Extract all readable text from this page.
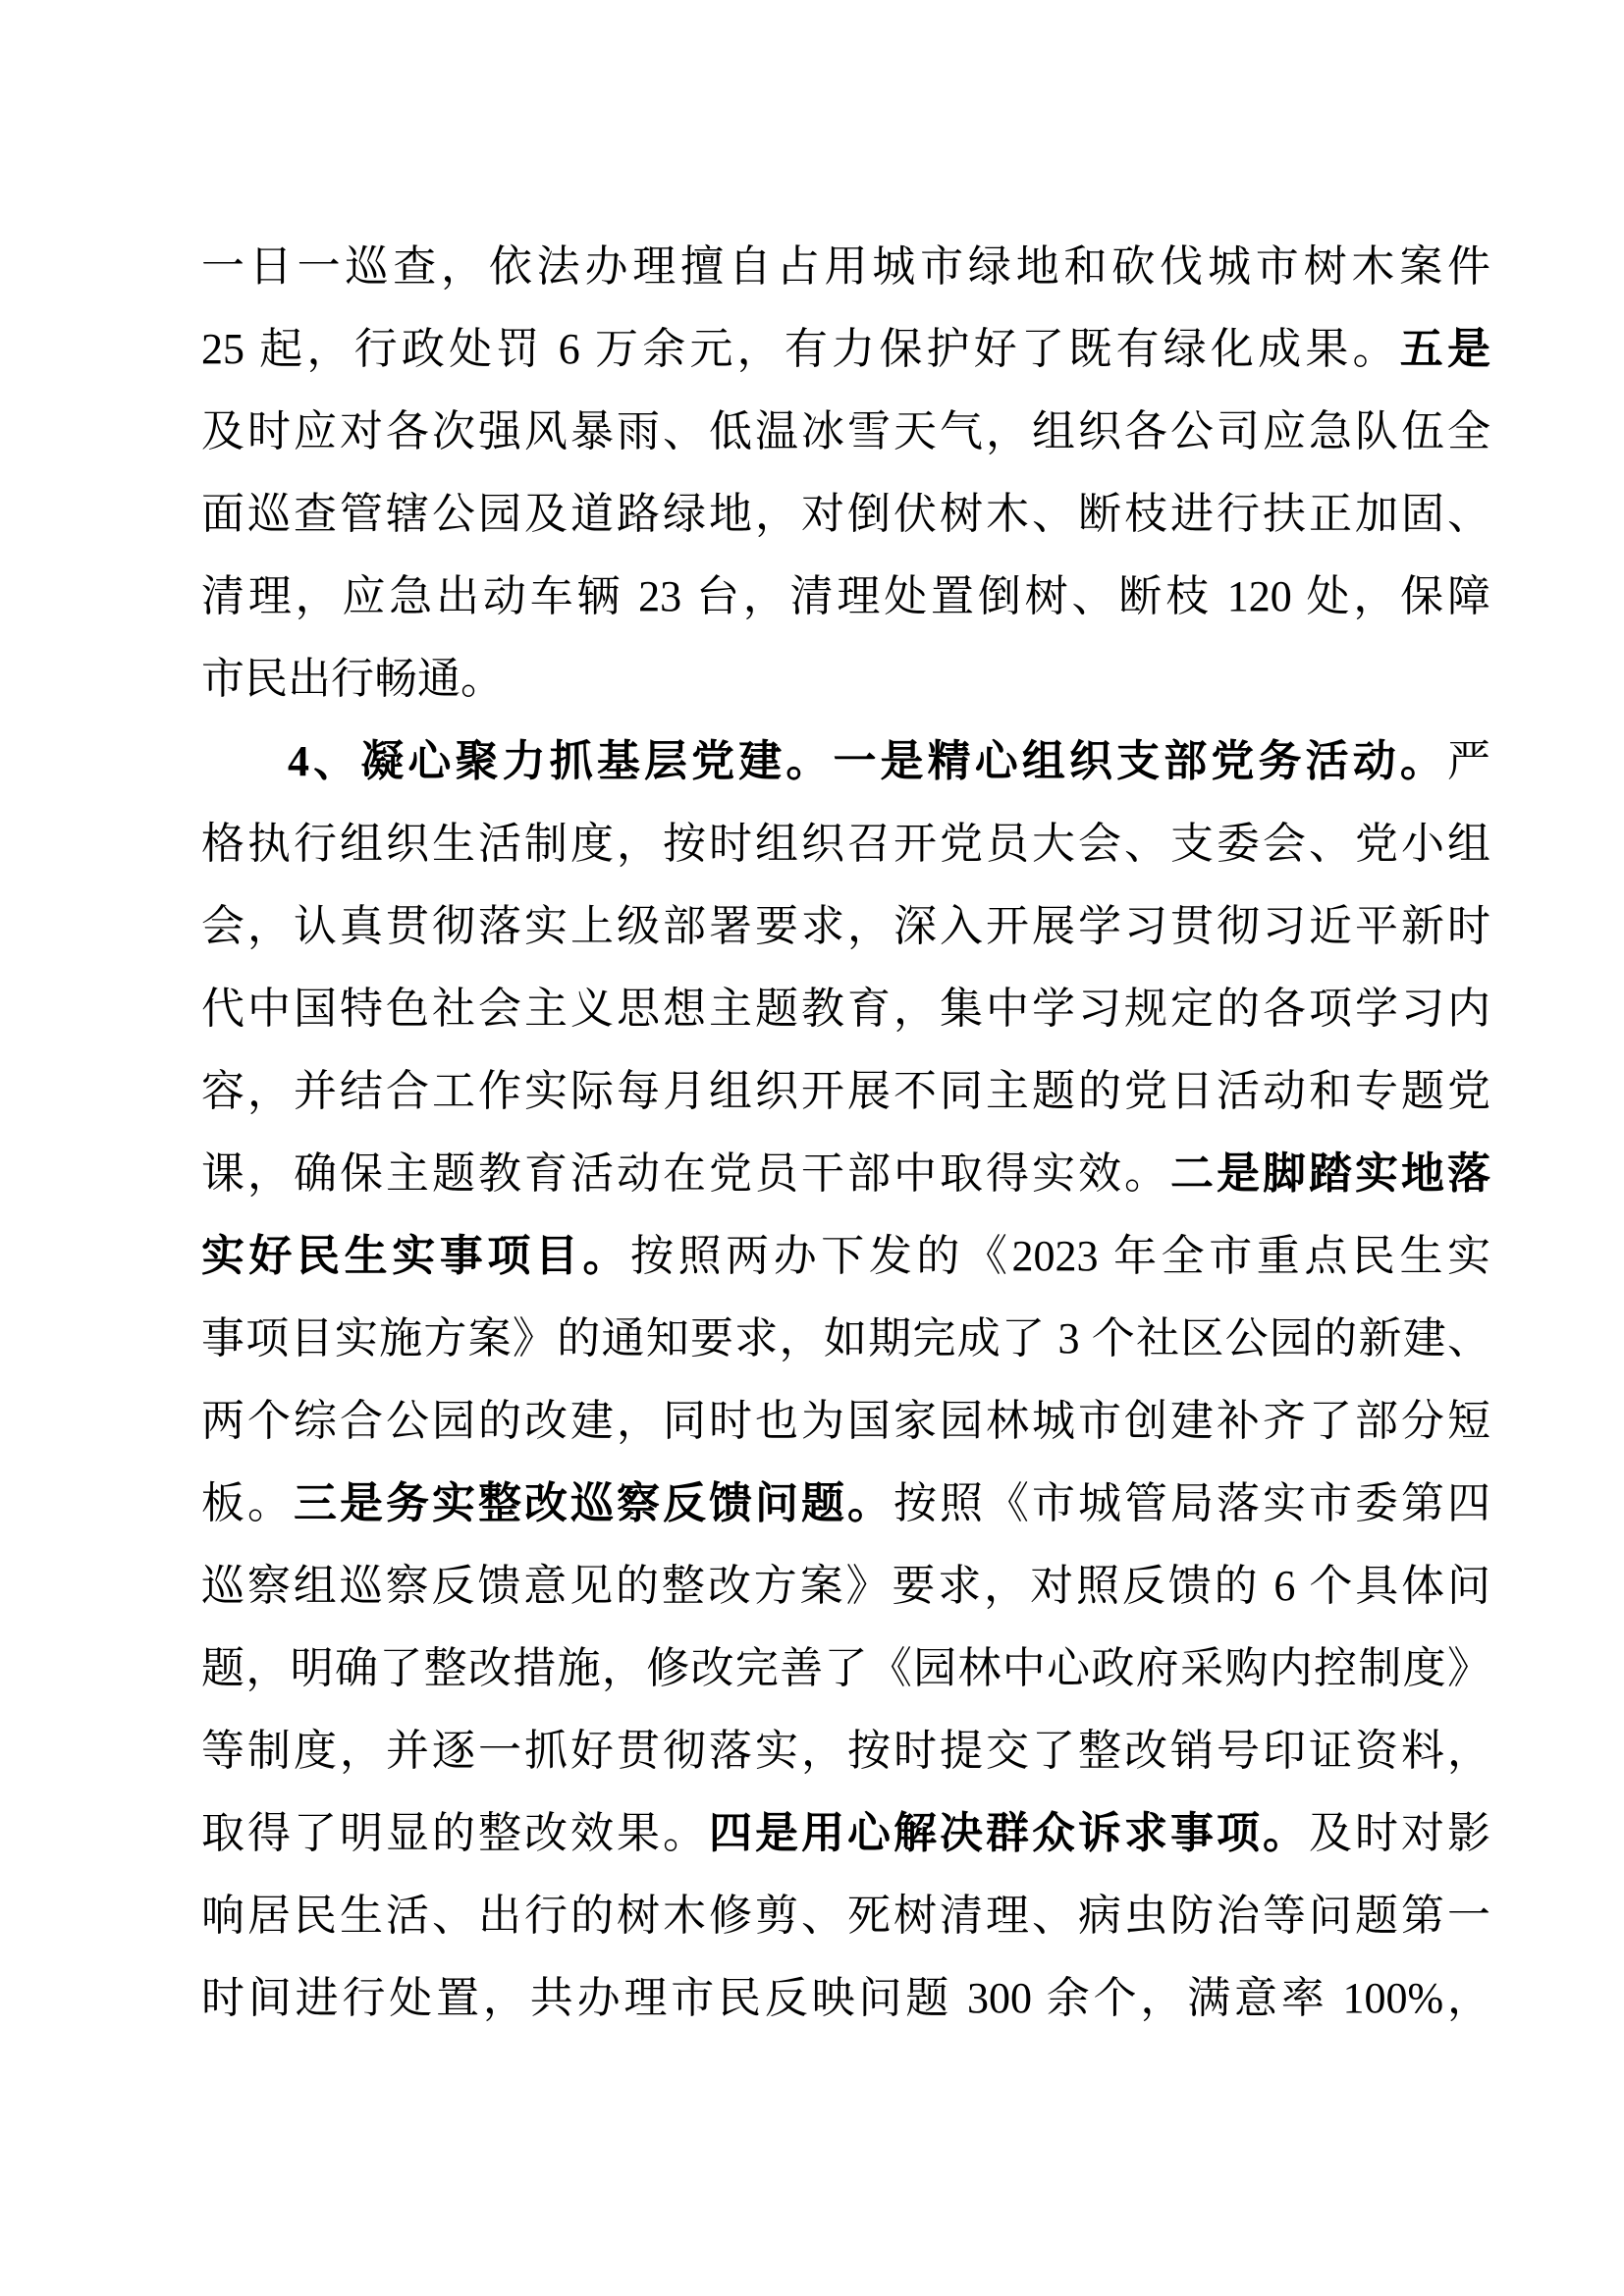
一日一巡查，依法办理擅自占用城市绿地和砍伐城市树木案件
25 起，行政处罚 6 万余元，有力保护好了既有绿化成果。五是
及时应对各次强风暴雨、低温冰雪天气，组织各公司应急队伍全
面巡查管辖公园及道路绿地，对倒伏树木、断枝进行扶正加固、
清理，应急出动车辆 23 台，清理处置倒树、断枝 120 处，保障
市民出行畅通。
4、凝心聚力抓基层党建。一是精心组织支部党务活动。严
格执行组织生活制度，按时组织召开党员大会、支委会、党小组
会，认真贯彻落实上级部署要求，深入开展学习贯彻习近平新时
代中国特色社会主义思想主题教育，集中学习规定的各项学习内
容，并结合工作实际每月组织开展不同主题的党日活动和专题党
课，确保主题教育活动在党员干部中取得实效。二是脚踏实地落
实好民生实事项目。按照两办下发的《2023 年全市重点民生实
事项目实施方案》的通知要求，如期完成了 3 个社区公园的新建、
两个综合公园的改建，同时也为国家园林城市创建补齐了部分短
板。三是务实整改巡察反馈问题。按照《市城管局落实市委第四
巡察组巡察反馈意见的整改方案》要求，对照反馈的 6 个具体问
题，明确了整改措施，修改完善了《园林中心政府采购内控制度》
等制度，并逐一抓好贯彻落实，按时提交了整改销号印证资料，
取得了明显的整改效果。四是用心解决群众诉求事项。及时对影
响居民生活、出行的树木修剪、死树清理、病虫防治等问题第一
时间进行处置，共办理市民反映问题 300 余个，满意率 100%，
